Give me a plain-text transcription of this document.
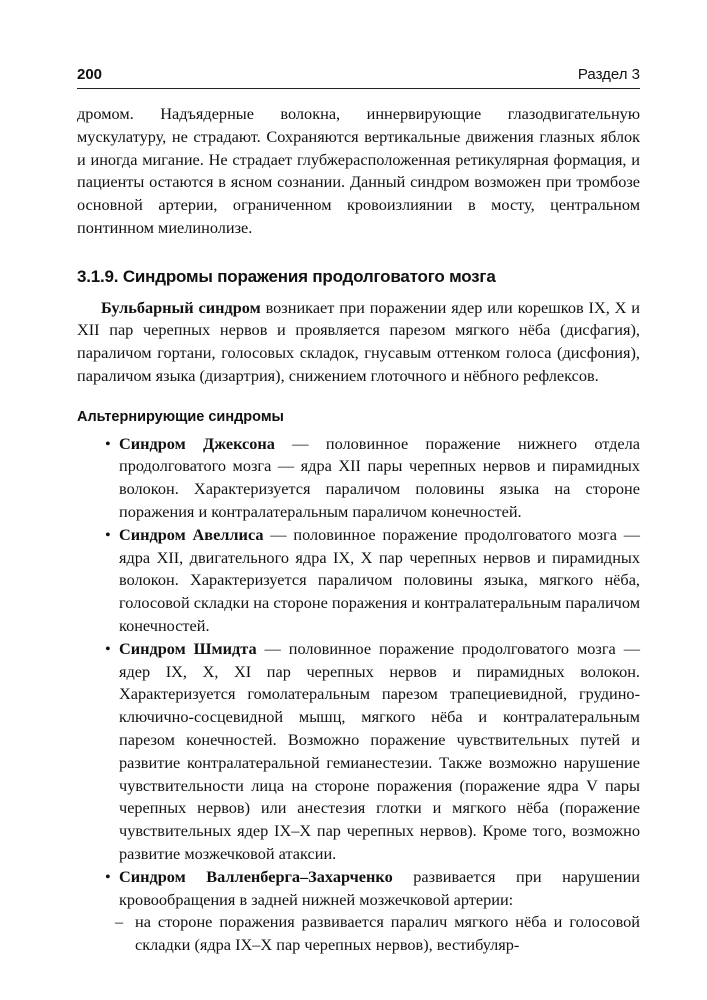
200	Раздел 3

дромом. Надъядерные волокна, иннервирующие глазодвигательную мускулатуру, не страдают. Сохраняются вертикальные движения глазных яблок и иногда мигание. Не страдает глубжерасположенная ретикулярная формация, и пациенты остаются в ясном сознании. Данный синдром возможен при тромбозе основной артерии, ограниченном кровоизлиянии в мосту, центральном понтинном миелинолизе.

3.1.9. Синдромы поражения продолговатого мозга

Бульбарный синдром возникает при поражении ядер или корешков IX, X и XII пар черепных нервов и проявляется парезом мягкого нёба (дисфагия), параличом гортани, голосовых складок, гнусавым оттенком голоса (дисфония), параличом языка (дизартрия), снижением глоточного и нёбного рефлексов.

Альтернирующие синдромы
• Синдром Джексона — половинное поражение нижнего отдела продолговатого мозга — ядра XII пары черепных нервов и пирамидных волокон. Характеризуется параличом половины языка на стороне поражения и контралатеральным параличом конечностей.
• Синдром Авеллиса — половинное поражение продолговатого мозга — ядра XII, двигательного ядра IX, X пар черепных нервов и пирамидных волокон. Характеризуется параличом половины языка, мягкого нёба, голосовой складки на стороне поражения и контралатеральным параличом конечностей.
• Синдром Шмидта — половинное поражение продолговатого мозга — ядер IX, X, XI пар черепных нервов и пирамидных волокон. Характеризуется гомолатеральным парезом трапециевидной, грудино-ключично-сосцевидной мышц, мягкого нёба и контралатеральным парезом конечностей. Возможно поражение чувствительных путей и развитие контралатеральной гемианестезии. Также возможно нарушение чувствительности лица на стороне поражения (поражение ядра V пары черепных нервов) или анестезия глотки и мягкого нёба (поражение чувствительных ядер IX–X пар черепных нервов). Кроме того, возможно развитие мозжечковой атаксии.
• Синдром Валленберга–Захарченко развивается при нарушении кровообращения в задней нижней мозжечковой артерии:
– на стороне поражения развивается паралич мягкого нёба и голосовой складки (ядра IX–X пар черепных нервов), вестибуляр-
